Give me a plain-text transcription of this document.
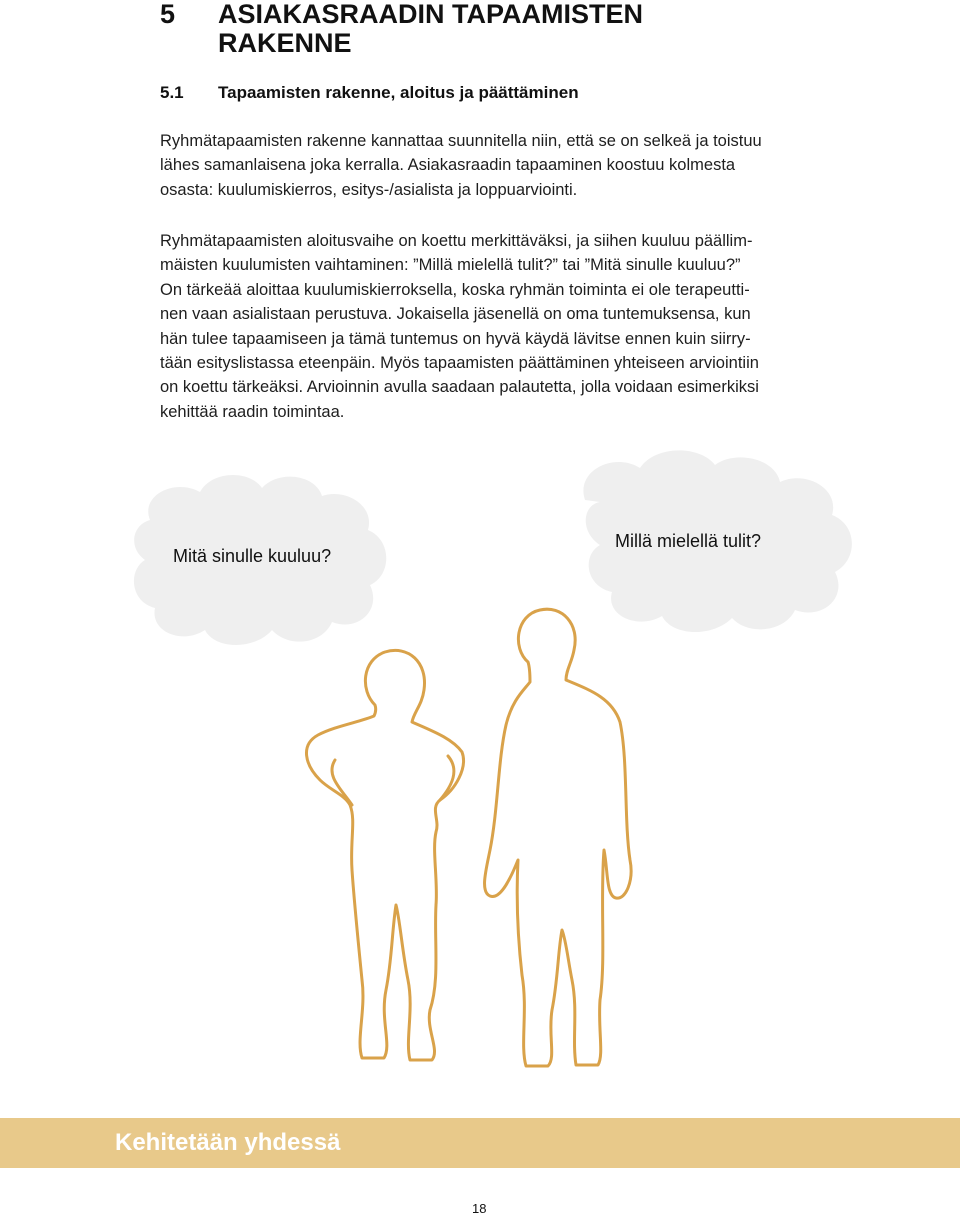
5 ASIAKASRAADIN TAPAAMISTEN RAKENNE
5.1 Tapaamisten rakenne, aloitus ja päättäminen

Ryhmätapaamisten rakenne kannattaa suunnitella niin, että se on selkeä ja toistuu
lähes samanlaisena joka kerralla. Asiakasraadin tapaaminen koostuu kolmesta
osasta: kuulumiskierros, esitys-/asialista ja loppuarviointi.

Ryhmätapaamisten aloitusvaihe on koettu merkittäväksi, ja siihen kuuluu päällim-
mäisten kuulumisten vaihtaminen: ”Millä mielellä tulit?” tai ”Mitä sinulle kuuluu?”
On tärkeää aloittaa kuulumiskierroksella, koska ryhmän toiminta ei ole terapeutti-
nen vaan asialistaan perustuva. Jokaisella jäsenellä on oma tuntemuksensa, kun
hän tulee tapaamiseen ja tämä tuntemus on hyvä käydä lävitse ennen kuin siirry-
tään esityslistassa eteenpäin. Myös tapaamisten päättäminen yhteiseen arviointiin
on koettu tärkeäksi. Arvioinnin avulla saadaan palautetta, jolla voidaan esimerkiksi
kehittää raadin toimintaa.

Mitä sinulle kuuluu?
Millä mielellä tulit?
Kehitetään yhdessä
18
